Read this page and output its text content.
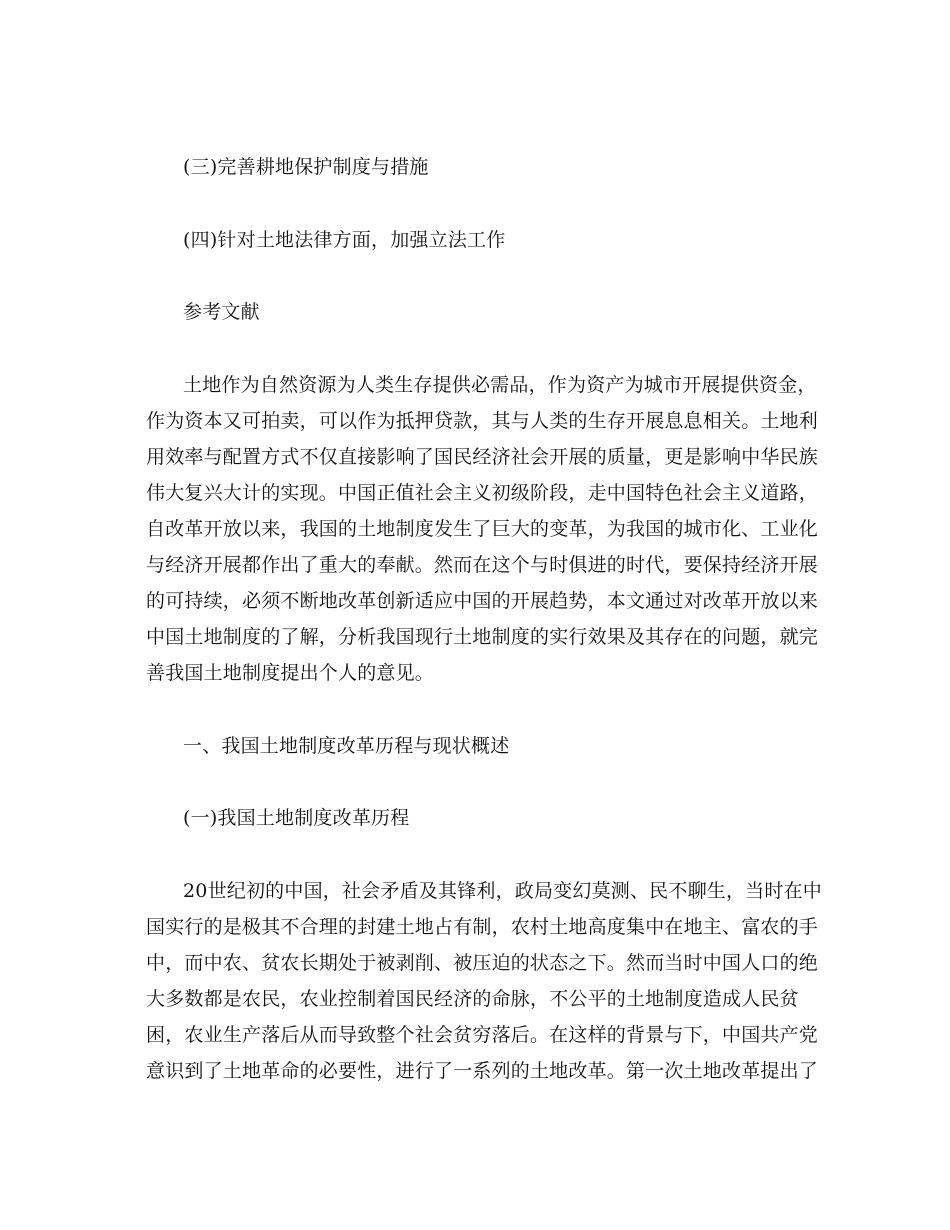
(三)完善耕地保护制度与措施
(四)针对土地法律方面，加强立法工作
参考文献
土地作为自然资源为人类生存提供必需品，作为资产为城市开展提供资金，
作为资本又可拍卖，可以作为抵押贷款，其与人类的生存开展息息相关。土地利
用效率与配置方式不仅直接影响了国民经济社会开展的质量，更是影响中华民族
伟大复兴大计的实现。中国正值社会主义初级阶段，走中国特色社会主义道路，
自改革开放以来，我国的土地制度发生了巨大的变革，为我国的城市化、工业化
与经济开展都作出了重大的奉献。然而在这个与时俱进的时代，要保持经济开展
的可持续，必须不断地改革创新适应中国的开展趋势，本文通过对改革开放以来
中国土地制度的了解，分析我国现行土地制度的实行效果及其存在的问题，就完
善我国土地制度提出个人的意见。
一、我国土地制度改革历程与现状概述
(一)我国土地制度改革历程
20世纪初的中国，社会矛盾及其锋利，政局变幻莫测、民不聊生，当时在中
国实行的是极其不合理的封建土地占有制，农村土地高度集中在地主、富农的手
中，而中农、贫农长期处于被剥削、被压迫的状态之下。然而当时中国人口的绝
大多数都是农民，农业控制着国民经济的命脉，不公平的土地制度造成人民贫
困，农业生产落后从而导致整个社会贫穷落后。在这样的背景与下，中国共产党
意识到了土地革命的必要性，进行了一系列的土地改革。第一次土地改革提出了
